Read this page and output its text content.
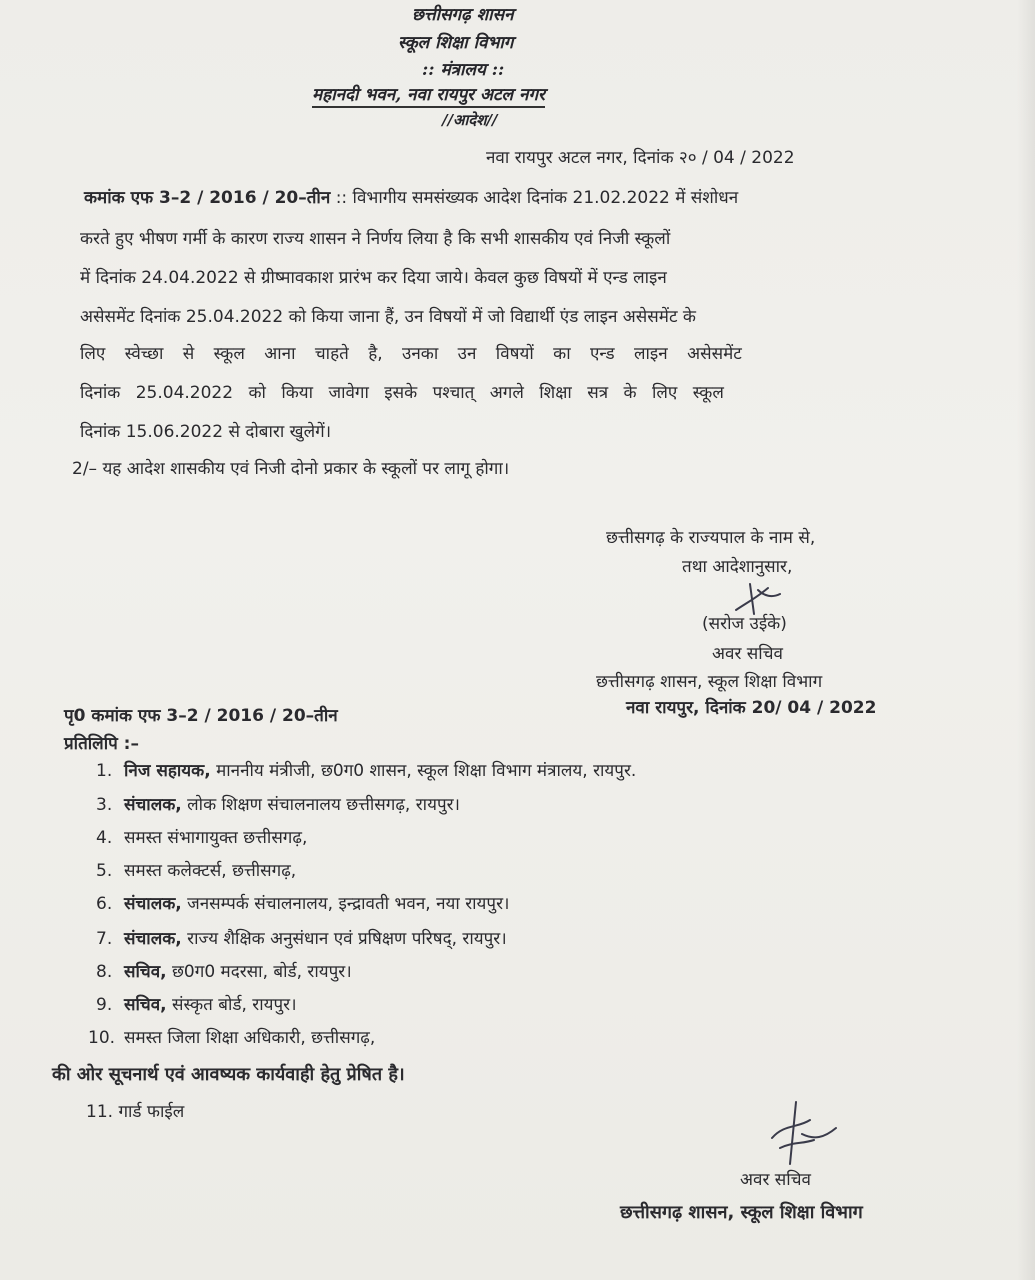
छत्तीसगढ़ शासन
स्कूल शिक्षा विभाग
:: मंत्रालय ::
महानदी भवन, नवा रायपुर अटल नगर
//आदेश//
नवा रायपुर अटल नगर, दिनांक २० / 04 / 2022
कमांक एफ 3–2 / 2016 / 20–तीन :: विभागीय समसंख्यक आदेश दिनांक 21.02.2022 में संशोधन
करते हुए भीषण गर्मी के कारण राज्य शासन ने निर्णय लिया है कि सभी शासकीय एवं निजी स्कूलों
में दिनांक 24.04.2022 से ग्रीष्मावकाश प्रारंभ कर दिया जाये। केवल कुछ विषयों में एन्ड लाइन
असेसमेंट दिनांक 25.04.2022 को किया जाना हैं, उन विषयों में जो विद्यार्थी एंड लाइन असेसमेंट के
लिए स्वेच्छा से स्कूल आना चाहते है, उनका उन विषयों का एन्ड लाइन असेसमेंट
दिनांक 25.04.2022 को किया जावेगा इसके पश्चात् अगले शिक्षा सत्र के लिए स्कूल
दिनांक 15.06.2022 से दोबारा खुलेगें।
2/– यह आदेश शासकीय एवं निजी दोनो प्रकार के स्कूलों पर लागू होगा।
छत्तीसगढ़ के राज्यपाल के नाम से,
तथा आदेशानुसार,
(सरोज उईके)
अवर सचिव
छत्तीसगढ़ शासन, स्कूल शिक्षा विभाग
नवा रायपुर, दिनांक 20/ 04 / 2022
पृ0 कमांक एफ 3–2 / 2016 / 20–तीन
प्रतिलिपि :–
1. निज सहायक, माननीय मंत्रीजी, छ0ग0 शासन, स्कूल शिक्षा विभाग मंत्रालय, रायपुर.
3. संचालक, लोक शिक्षण संचालनालय छत्तीसगढ़, रायपुर।
4. समस्त संभागायुक्त छत्तीसगढ़,
5. समस्त कलेक्टर्स, छत्तीसगढ़,
6. संचालक, जनसम्पर्क संचालनालय, इन्द्रावती भवन, नया रायपुर।
7. संचालक, राज्य शैक्षिक अनुसंधान एवं प्रषिक्षण परिषद्, रायपुर।
8. सचिव, छ0ग0 मदरसा, बोर्ड, रायपुर।
9. सचिव, संस्कृत बोर्ड, रायपुर।
10. समस्त जिला शिक्षा अधिकारी, छत्तीसगढ़,
की ओर सूचनार्थ एवं आवष्यक कार्यवाही हेतु प्रेषित है।
11. गार्ड फाईल
अवर सचिव
छत्तीसगढ़ शासन, स्कूल शिक्षा विभाग
